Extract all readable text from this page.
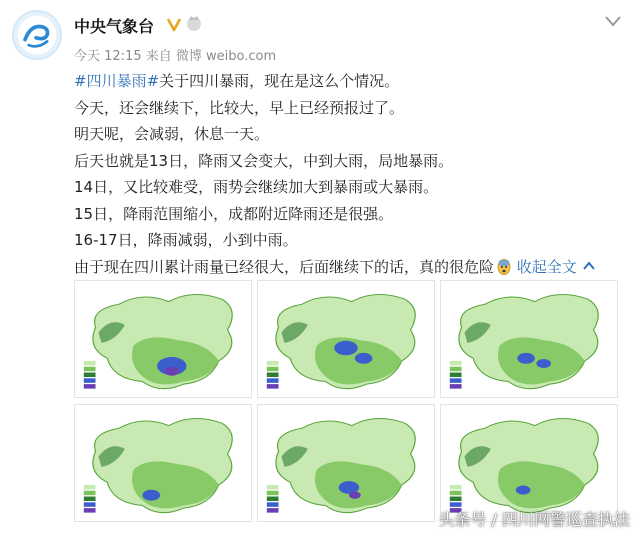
中央气象台
今天 12:15 来自 微博 weibo.com
#四川暴雨#关于四川暴雨，现在是这么个情况。
今天，还会继续下，比较大，早上已经预报过了。
明天呢，会减弱，休息一天。
后天也就是13日，降雨又会变大，中到大雨，局地暴雨。
14日，又比较难受，雨势会继续加大到暴雨或大暴雨。
15日，降雨范围缩小，成都附近降雨还是很强。
16-17日，降雨减弱，小到中雨。
由于现在四川累计雨量已经很大，后面继续下的话，真的很危险 收起全文
头条号 / 四川网警巡查执法
